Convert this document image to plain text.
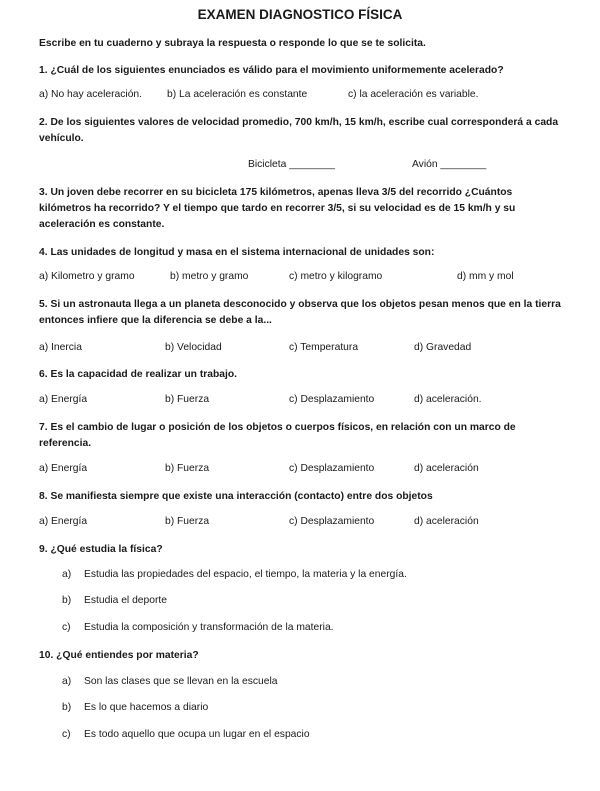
EXAMEN DIAGNOSTICO FÍSICA
Escribe en tu cuaderno y subraya la respuesta o responde lo que se te solicita.
1. ¿Cuál de los siguientes enunciados es válido para el movimiento uniformemente acelerado?
a) No hay aceleración. b) La aceleración es constante	c) la aceleración es variable.
2. De los siguientes valores de velocidad promedio, 700 km/h, 15 km/h, escribe cual corresponderá a cada vehículo.
Bicicleta ________	Avión ________
3. Un joven debe recorrer en su bicicleta 175 kilómetros, apenas lleva 3/5 del recorrido ¿Cuántos kilómetros ha recorrido? Y el tiempo que tardo en recorrer 3/5, si su velocidad es de 15 km/h y su aceleración es constante.
4. Las unidades de longitud y masa en el sistema internacional de unidades son:
a) Kilometro y gramo	b) metro y gramo	c) metro y kilogramo	d) mm y mol
5. Si un astronauta llega a un planeta desconocido y observa que los objetos pesan menos que en la tierra entonces infiere que la diferencia se debe a la...
a) Inercia	b) Velocidad	c) Temperatura	d) Gravedad
6. Es la capacidad de realizar un trabajo.
a) Energía	b) Fuerza	c) Desplazamiento	d) aceleración.
7. Es el cambio de lugar o posición de los objetos o cuerpos físicos, en relación con un marco de referencia.
a) Energía	b) Fuerza	c) Desplazamiento	d) aceleración
8. Se manifiesta siempre que existe una interacción (contacto) entre dos objetos
a) Energía	b) Fuerza	c) Desplazamiento	d) aceleración
9. ¿Qué estudia la física?
a) Estudia las propiedades del espacio, el tiempo, la materia y la energía.
b) Estudia el deporte
c) Estudia la composición y transformación de la materia.
10. ¿Qué entiendes por materia?
a) Son las clases que se llevan en la escuela
b) Es lo que hacemos a diario
c) Es todo aquello que ocupa un lugar en el espacio
